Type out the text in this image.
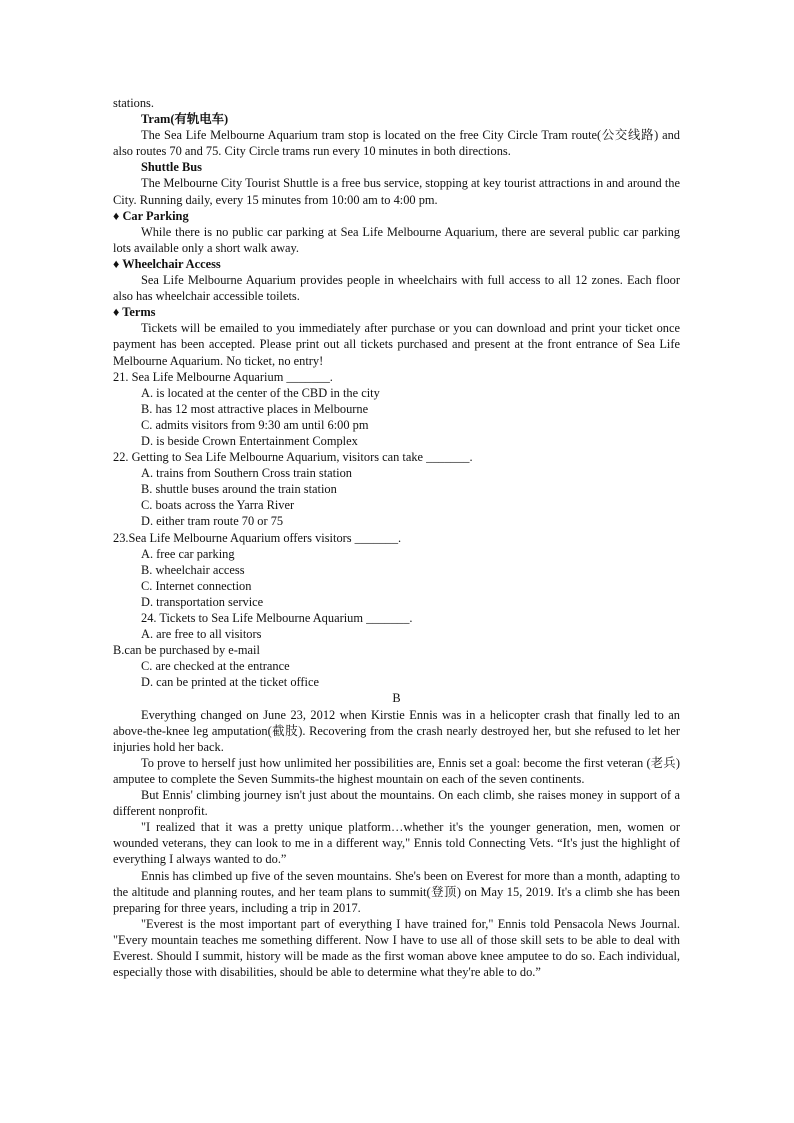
stations.

Tram(有轨电车)

The Sea Life Melbourne Aquarium tram stop is located on the free City Circle Tram route(公交线路) and also routes 70 and 75. City Circle trams run every 10 minutes in both directions.

Shuttle Bus

The Melbourne City Tourist Shuttle is a free bus service, stopping at key tourist attractions in and around the City. Running daily, every 15 minutes from 10:00 am to 4:00 pm.

♦ Car Parking

While there is no public car parking at Sea Life Melbourne Aquarium, there are several public car parking lots available only a short walk away.

♦ Wheelchair Access

Sea Life Melbourne Aquarium provides people in wheelchairs with full access to all 12 zones. Each floor also has wheelchair accessible toilets.

♦ Terms

Tickets will be emailed to you immediately after purchase or you can download and print your ticket once payment has been accepted. Please print out all tickets purchased and present at the front entrance of Sea Life Melbourne Aquarium. No ticket, no entry!

21. Sea Life Melbourne Aquarium _______.

A. is located at the center of the CBD in the city

B. has 12 most attractive places in Melbourne

C. admits visitors from 9:30 am until 6:00 pm

D. is beside Crown Entertainment Complex

22. Getting to Sea Life Melbourne Aquarium, visitors can take _______.

A. trains from Southern Cross train station

B. shuttle buses around the train station

C. boats across the Yarra River

D. either tram route 70 or 75

23.Sea Life Melbourne Aquarium offers visitors _______.

A. free car parking

B. wheelchair access

C. Internet connection

D. transportation service

24. Tickets to Sea Life Melbourne Aquarium _______.

A. are free to all visitors

B.can be purchased by e-mail

C. are checked at the entrance

D. can be printed at the ticket office

B

Everything changed on June 23, 2012 when Kirstie Ennis was in a helicopter crash that finally led to an above-the-knee leg amputation(截肢). Recovering from the crash nearly destroyed her, but she refused to let her injuries hold her back.

To prove to herself just how unlimited her possibilities are, Ennis set a goal: become the first veteran (老兵) amputee to complete the Seven Summits-the highest mountain on each of the seven continents.

But Ennis' climbing journey isn't just about the mountains. On each climb, she raises money in support of a different nonprofit.

"I realized that it was a pretty unique platform…whether it's the younger generation, men, women or wounded veterans, they can look to me in a different way," Ennis told Connecting Vets. “It's just the highlight of everything I always wanted to do.”

Ennis has climbed up five of the seven mountains. She's been on Everest for more than a month, adapting to the altitude and planning routes, and her team plans to summit(登顶) on May 15, 2019. It's a climb she has been preparing for three years, including a trip in 2017.

"Everest is the most important part of everything I have trained for," Ennis told Pensacola News Journal. "Every mountain teaches me something different. Now I have to use all of those skill sets to be able to deal with Everest. Should I summit, history will be made as the first woman above knee amputee to do so. Each individual, especially those with disabilities, should be able to determine what they're able to do.”
